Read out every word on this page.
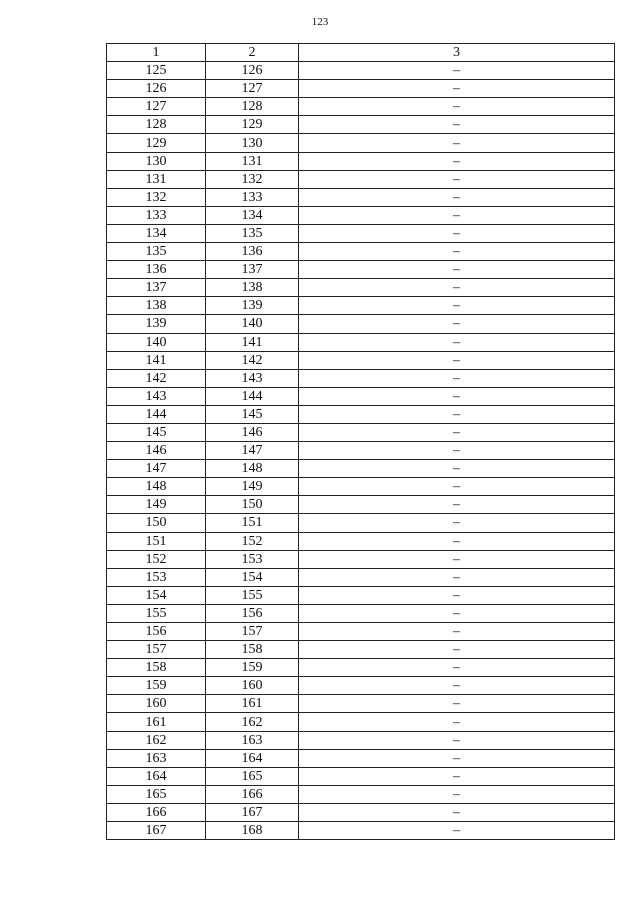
123
1	2	3
125	126	–
126	127	–
127	128	–
128	129	–
129	130	–
130	131	–
131	132	–
132	133	–
133	134	–
134	135	–
135	136	–
136	137	–
137	138	–
138	139	–
139	140	–
140	141	–
141	142	–
142	143	–
143	144	–
144	145	–
145	146	–
146	147	–
147	148	–
148	149	–
149	150	–
150	151	–
151	152	–
152	153	–
153	154	–
154	155	–
155	156	–
156	157	–
157	158	–
158	159	–
159	160	–
160	161	–
161	162	–
162	163	–
163	164	–
164	165	–
165	166	–
166	167	–
167	168	–
